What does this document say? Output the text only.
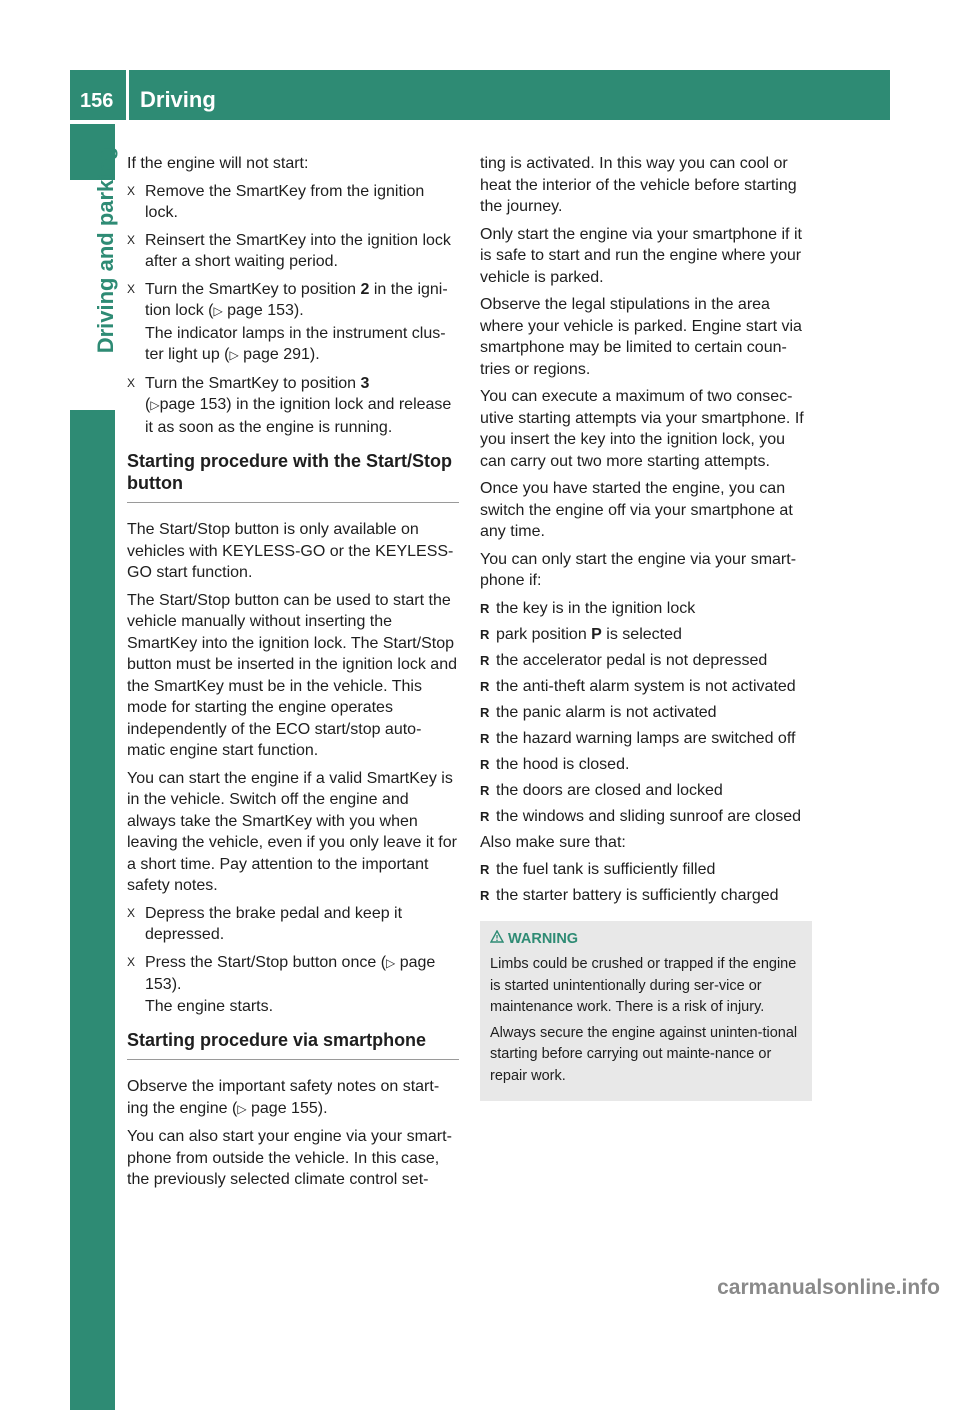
156 Driving
Driving and parking If the engine will not start:

X Remove the SmartKey from the ignition lock.
X Reinsert the SmartKey into the ignition lock after a short waiting period.
X Turn the SmartKey to position 2 in the igni-tion lock (▷ page 153).
The indicator lamps in the instrument clus-ter light up (▷ page 291).
X Turn the SmartKey to position 3
(▷page 153) in the ignition lock and release it as soon as the engine is running.
Starting procedure with the Start/Stop button

The Start/Stop button is only available on vehicles with KEYLESS-GO or the KEYLESS-GO start function.

The Start/Stop button can be used to start the vehicle manually without inserting the SmartKey into the ignition lock. The Start/Stop button must be inserted in the ignition lock and the SmartKey must be in the vehicle. This mode for starting the engine operates independently of the ECO start/stop auto-matic engine start function.

You can start the engine if a valid SmartKey is in the vehicle. Switch off the engine and always take the SmartKey with you when leaving the vehicle, even if you only leave it for a short time. Pay attention to the important safety notes.

X Depress the brake pedal and keep it depressed.
X Press the Start/Stop button once (▷ page 153).
The engine starts.
Starting procedure via smartphone

Observe the important safety notes on start-ing the engine (▷ page 155).

You can also start your engine via your smart-phone from outside the vehicle. In this case, the previously selected climate control set-

ting is activated. In this way you can cool or heat the interior of the vehicle before starting the journey.

Only start the engine via your smartphone if it is safe to start and run the engine where your vehicle is parked.

Observe the legal stipulations in the area where your vehicle is parked. Engine start via smartphone may be limited to certain coun-tries or regions.

You can execute a maximum of two consec-utive starting attempts via your smartphone. If you insert the key into the ignition lock, you can carry out two more starting attempts.

Once you have started the engine, you can switch the engine off via your smartphone at any time.

You can only start the engine via your smart-phone if:

R the key is in the ignition lock
R park position P is selected
R the accelerator pedal is not depressed
R the anti-theft alarm system is not activated
R the panic alarm is not activated
R the hazard warning lamps are switched off
R the hood is closed.
R the doors are closed and locked
R the windows and sliding sunroof are closed

Also make sure that:

R the fuel tank is sufficiently filled
R the starter battery is sufficiently charged
WARNING

Limbs could be crushed or trapped if the engine is started unintentionally during ser-vice or maintenance work. There is a risk of injury.

Always secure the engine against uninten-tional starting before carrying out mainte-nance or repair work.

carmanualsonline.info
